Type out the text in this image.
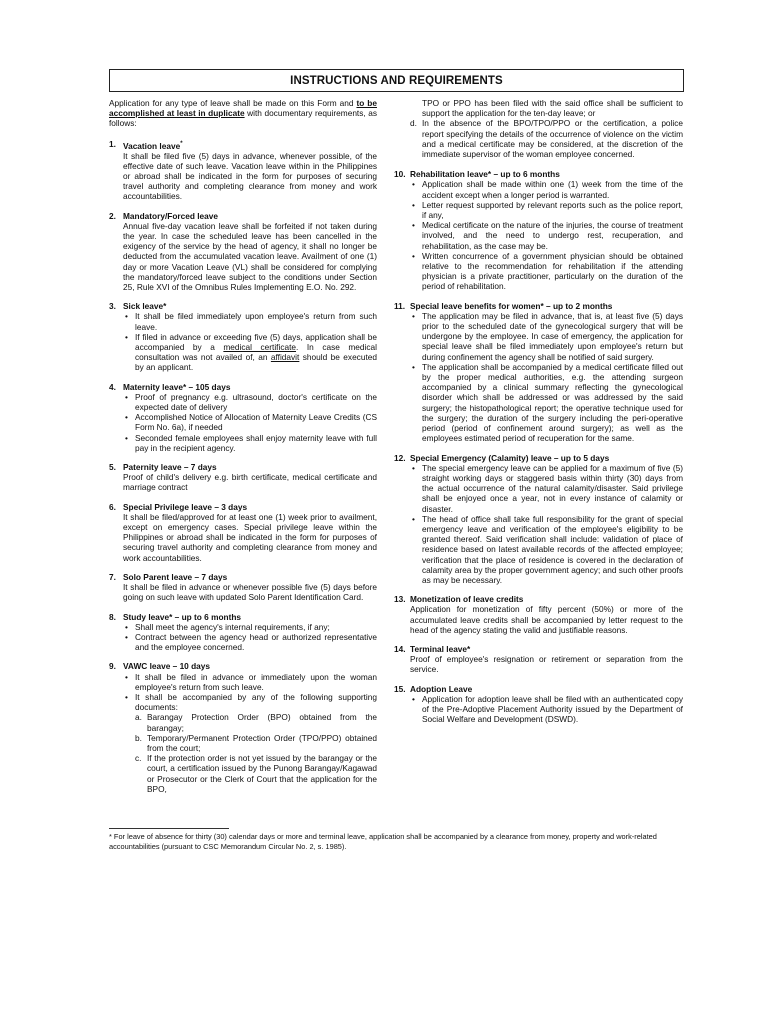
INSTRUCTIONS AND REQUIREMENTS

Application for any type of leave shall be made on this Form and to be accomplished at least in duplicate with documentary requirements, as follows:

1. Vacation leave*
It shall be filed five (5) days in advance, whenever possible, of the effective date of such leave. Vacation leave within in the Philippines or abroad shall be indicated in the form for purposes of securing travel authority and completing clearance from money and work accountabilities.
2. Mandatory/Forced leave
Annual five-day vacation leave shall be forfeited if not taken during the year. In case the scheduled leave has been cancelled in the exigency of the service by the head of agency, it shall no longer be deducted from the accumulated vacation leave. Availment of one (1) day or more Vacation Leave (VL) shall be considered for complying the mandatory/forced leave subject to the conditions under Section 25, Rule XVI of the Omnibus Rules Implementing E.O. No. 292.
3. Sick leave*
• It shall be filed immediately upon employee's return from such leave.
• If filed in advance or exceeding five (5) days, application shall be accompanied by a medical certificate. In case medical consultation was not availed of, an affidavit should be executed by an applicant.
4. Maternity leave* – 105 days
• Proof of pregnancy e.g. ultrasound, doctor's certificate on the expected date of delivery
• Accomplished Notice of Allocation of Maternity Leave Credits (CS Form No. 6a), if needed
• Seconded female employees shall enjoy maternity leave with full pay in the recipient agency.
5. Paternity leave – 7 days
Proof of child's delivery e.g. birth certificate, medical certificate and marriage contract
6. Special Privilege leave – 3 days
It shall be filed/approved for at least one (1) week prior to availment, except on emergency cases. Special privilege leave within the Philippines or abroad shall be indicated in the form for purposes of securing travel authority and completing clearance from money and work accountabilities.
7. Solo Parent leave – 7 days
It shall be filed in advance or whenever possible five (5) days before going on such leave with updated Solo Parent Identification Card.
8. Study leave* – up to 6 months
• Shall meet the agency's internal requirements, if any;
• Contract between the agency head or authorized representative and the employee concerned.
9. VAWC leave – 10 days
• It shall be filed in advance or immediately upon the woman employee's return from such leave.
• It shall be accompanied by any of the following supporting documents:
a. Barangay Protection Order (BPO) obtained from the barangay;
b. Temporary/Permanent Protection Order (TPO/PPO) obtained from the court;
c. If the protection order is not yet issued by the barangay or the court, a certification issued by the Punong Barangay/Kagawad or Prosecutor or the Clerk of Court that the application for the BPO,
TPO or PPO has been filed with the said office shall be sufficient to support the application for the ten-day leave; or
d. In the absence of the BPO/TPO/PPO or the certification, a police report specifying the details of the occurrence of violence on the victim and a medical certificate may be considered, at the discretion of the immediate supervisor of the woman employee concerned.
10. Rehabilitation leave* – up to 6 months
• Application shall be made within one (1) week from the time of the accident except when a longer period is warranted.
• Letter request supported by relevant reports such as the police report, if any,
• Medical certificate on the nature of the injuries, the course of treatment involved, and the need to undergo rest, recuperation, and rehabilitation, as the case may be.
• Written concurrence of a government physician should be obtained relative to the recommendation for rehabilitation if the attending physician is a private practitioner, particularly on the duration of the period of rehabilitation.
11. Special leave benefits for women* – up to 2 months
• The application may be filed in advance, that is, at least five (5) days prior to the scheduled date of the gynecological surgery that will be undergone by the employee. In case of emergency, the application for special leave shall be filed immediately upon employee's return but during confinement the agency shall be notified of said surgery.
• The application shall be accompanied by a medical certificate filled out by the proper medical authorities, e.g. the attending surgeon accompanied by a clinical summary reflecting the gynecological disorder which shall be addressed or was addressed by the said surgery; the histopathological report; the operative technique used for the surgery; the duration of the surgery including the peri-operative period (period of confinement around surgery); as well as the employees estimated period of recuperation for the same.
12. Special Emergency (Calamity) leave – up to 5 days
• The special emergency leave can be applied for a maximum of five (5) straight working days or staggered basis within thirty (30) days from the actual occurrence of the natural calamity/disaster. Said privilege shall be enjoyed once a year, not in every instance of calamity or disaster.
• The head of office shall take full responsibility for the grant of special emergency leave and verification of the employee's eligibility to be granted thereof. Said verification shall include: validation of place of residence based on latest available records of the affected employee; verification that the place of residence is covered in the declaration of calamity area by the proper government agency; and such other proofs as may be necessary.
13. Monetization of leave credits
Application for monetization of fifty percent (50%) or more of the accumulated leave credits shall be accompanied by letter request to the head of the agency stating the valid and justifiable reasons.
14. Terminal leave*
Proof of employee's resignation or retirement or separation from the service.
15. Adoption Leave
• Application for adoption leave shall be filed with an authenticated copy of the Pre-Adoptive Placement Authority issued by the Department of Social Welfare and Development (DSWD).
* For leave of absence for thirty (30) calendar days or more and terminal leave, application shall be accompanied by a clearance from money, property and work-related accountabilities (pursuant to CSC Memorandum Circular No. 2, s. 1985).
